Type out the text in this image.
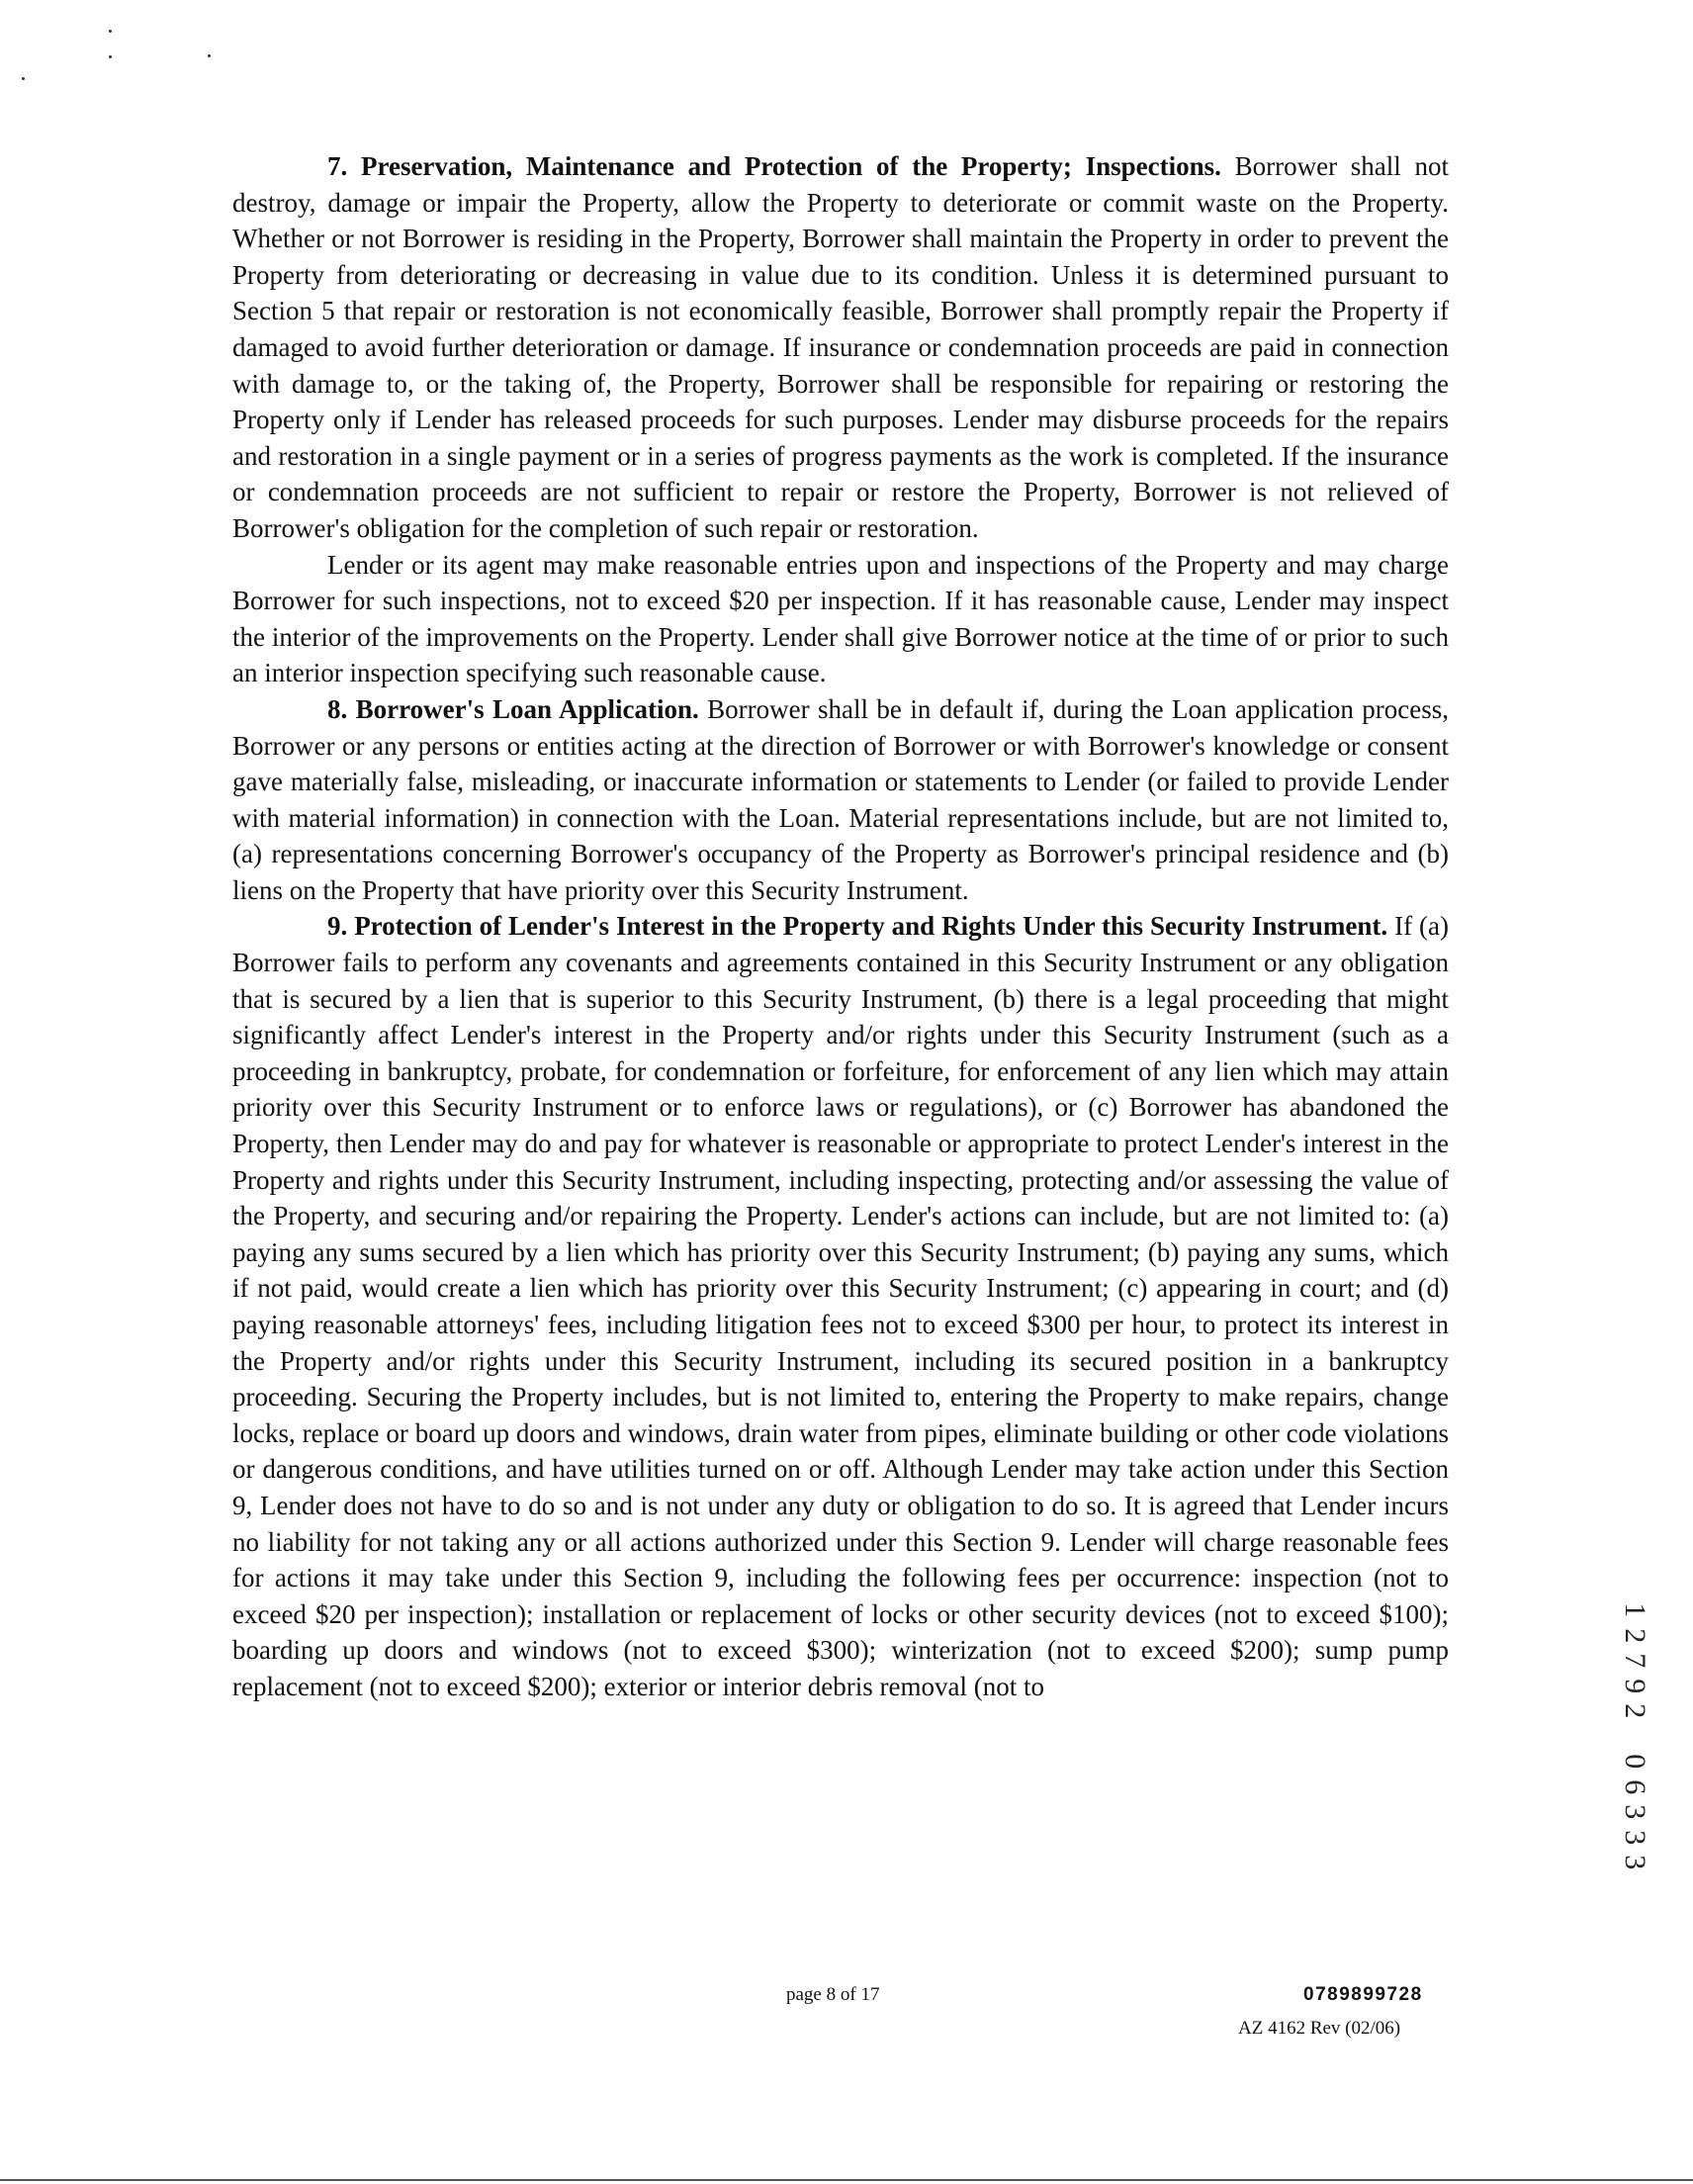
7. Preservation, Maintenance and Protection of the Property; Inspections. Borrower shall not destroy, damage or impair the Property, allow the Property to deteriorate or commit waste on the Property. Whether or not Borrower is residing in the Property, Borrower shall maintain the Property in order to prevent the Property from deteriorating or decreasing in value due to its condition. Unless it is determined pursuant to Section 5 that repair or restoration is not economically feasible, Borrower shall promptly repair the Property if damaged to avoid further deterioration or damage. If insurance or condemnation proceeds are paid in connection with damage to, or the taking of, the Property, Borrower shall be responsible for repairing or restoring the Property only if Lender has released proceeds for such purposes. Lender may disburse proceeds for the repairs and restoration in a single payment or in a series of progress payments as the work is completed. If the insurance or condemnation proceeds are not sufficient to repair or restore the Property, Borrower is not relieved of Borrower's obligation for the completion of such repair or restoration.

Lender or its agent may make reasonable entries upon and inspections of the Property and may charge Borrower for such inspections, not to exceed $20 per inspection. If it has reasonable cause, Lender may inspect the interior of the improvements on the Property. Lender shall give Borrower notice at the time of or prior to such an interior inspection specifying such reasonable cause.

8. Borrower's Loan Application. Borrower shall be in default if, during the Loan application process, Borrower or any persons or entities acting at the direction of Borrower or with Borrower's knowledge or consent gave materially false, misleading, or inaccurate information or statements to Lender (or failed to provide Lender with material information) in connection with the Loan. Material representations include, but are not limited to, (a) representations concerning Borrower's occupancy of the Property as Borrower's principal residence and (b) liens on the Property that have priority over this Security Instrument.

9. Protection of Lender's Interest in the Property and Rights Under this Security Instrument. If (a) Borrower fails to perform any covenants and agreements contained in this Security Instrument or any obligation that is secured by a lien that is superior to this Security Instrument, (b) there is a legal proceeding that might significantly affect Lender's interest in the Property and/or rights under this Security Instrument (such as a proceeding in bankruptcy, probate, for condemnation or forfeiture, for enforcement of any lien which may attain priority over this Security Instrument or to enforce laws or regulations), or (c) Borrower has abandoned the Property, then Lender may do and pay for whatever is reasonable or appropriate to protect Lender's interest in the Property and rights under this Security Instrument, including inspecting, protecting and/or assessing the value of the Property, and securing and/or repairing the Property. Lender's actions can include, but are not limited to: (a) paying any sums secured by a lien which has priority over this Security Instrument; (b) paying any sums, which if not paid, would create a lien which has priority over this Security Instrument; (c) appearing in court; and (d) paying reasonable attorneys' fees, including litigation fees not to exceed $300 per hour, to protect its interest in the Property and/or rights under this Security Instrument, including its secured position in a bankruptcy proceeding. Securing the Property includes, but is not limited to, entering the Property to make repairs, change locks, replace or board up doors and windows, drain water from pipes, eliminate building or other code violations or dangerous conditions, and have utilities turned on or off. Although Lender may take action under this Section 9, Lender does not have to do so and is not under any duty or obligation to do so. It is agreed that Lender incurs no liability for not taking any or all actions authorized under this Section 9. Lender will charge reasonable fees for actions it may take under this Section 9, including the following fees per occurrence: inspection (not to exceed $20 per inspection); installation or replacement of locks or other security devices (not to exceed $100); boarding up doors and windows (not to exceed $300); winterization (not to exceed $200); sump pump replacement (not to exceed $200); exterior or interior debris removal (not to

page 8 of 17	0789899728
AZ 4162 Rev (02/06)
1
2
7
9
2
0
6
3
3
3
